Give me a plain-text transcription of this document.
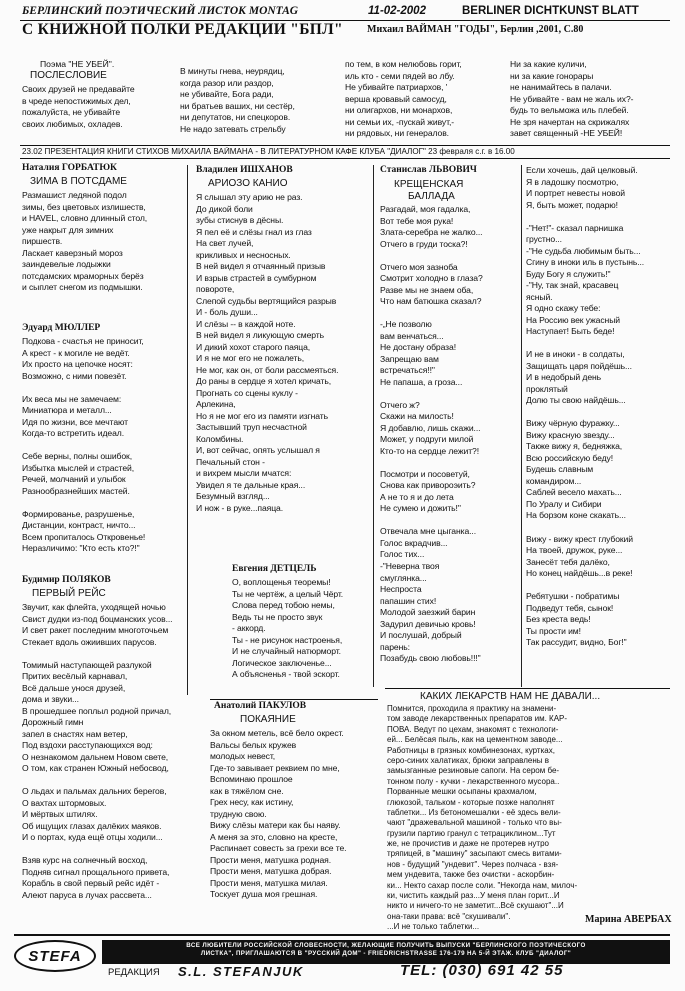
БЕРЛИНСКИЙ ПОЭТИЧЕСКИЙ ЛИСТОК MONTAG	11-02-2002	BERLINER DICHTKUNST BLATT
С КНИЖНОЙ ПОЛКИ РЕДАКЦИИ "БПЛ" Михаил ВАЙМАН "ГОДЫ", Берлин ,2001, С.80
Поэма "НЕ УБЕЙ".
ПОСЛЕСЛОВИЕ
Своих друзей не предавайте
в чреде непостижимых дел,
пожалуйста, не убивайте
своих любимых, охладев.
В минуты гнева, неурядиц,
когда разор или раздор,
не убивайте, Бога ради,
ни братьев ваших, ни сестёр,
ни депутатов, ни спецкоров.
Не надо затевать стрельбу
по тем, в ком нелюбовь горит,
иль кто - семи пядей во лбу.
Не убивайте патриархов, '
верша кровавый самосуд,
ни олигархов, ни монархов,
ни семьи их, -пускай живут,-
ни рядовых, ни генералов.
Ни за какие куличи,
ни за какие гонорары
не нанимайтесь в палачи.
Не убивайте - вам не жаль их?-
будь то вельможа иль плебей.
Не зря начертан на скрижалях
завет священный -НЕ УБЕЙ!
23.02 ПРЕЗЕНТАЦИЯ КНИГИ СТИХОВ МИХАИЛА ВАЙМАНА - В ЛИТЕРАТУРНОМ КАФЕ КЛУБА "ДИАЛОГ" 23 февраля с.г. в 16.00
Наталия ГОРБАТЮК
ЗИМА В ПОТСДАМЕ
Размашист ледяной подол
зимы, без цветовых излишеств,
и HAVEL, словно длинный стол,
уже накрыт для зимних
пиршеств.
Ласкает каверзный мороз
заиндевелые лодыжки
потсдамских мраморных берёз
и сыплет снегом из подмышки.
Эдуард МЮЛЛЕР
Подкова - счастья не приносит,
А крест - к могиле не ведёт.
Их просто на цепочке носят:
Возможно, с ними повезёт.

Их веса мы не замечаем:
Миниатюра и металл...
Идя по жизни, все мечтают
Когда-то встретить идеал.

Себе верны, полны ошибок,
Избытка мыслей и страстей,
Речей, молчаний и улыбок
Разнообразнейших мастей.

Формированье, разрушенье,
Дистанции, контраст, ничто...
Всем пропиталось Откровенье!
Неразличимо: "Кто есть кто?!"
Будимир ПОЛЯКОВ
ПЕРВЫЙ РЕЙС
Звучит, как флейта, уходящей ночью
Свист дудки из-под боцманских усов...
И свет ракет последним многоточьем
Стекает вдоль ожиивших парусов.

Томимый наступающей разлукой
Притих весёлый карнавал,
Всё дальше унося друзей,
дома и звуки...
В прошедшее поплыл родной причал,
Дорожный гимн
запел в снастях нам ветер,
Под вздохи расступающихся вод:
О незнакомом дальнем Новом свете,
О том, как странен Южный небосвод,

О льдах и пальмах дальних берегов,
О вахтах штормовых.
И мёртвых штилях.
Об ищущих глазах далёких маяков.
И о портах, куда ещё отцы ходили...

Взяв курс на солнечный восход,
Подняв сигнал прощального привета,
Корабль в свой первый рейс идёт -
Алеют паруса в лучах рассвета...
Владилен ИШХАНОВ
АРИОЗО КАНИО
Я слышал эту арию не раз.
До дикой боли
зубы стиснув в дёсны.
Я пел её и слёзы гнал из глаз
На свет лучей,
крикливых и несносных.
В ней видел я отчаянный призыв
И взрыв страстей в сумбурном
повороте,
Слепой судьбы вертящийся разрыв
И - боль души...
И слёзы -- в каждой ноте.
В ней видел я ликующую смерть
И дикий хохот старого паяца,
И я не мог его не пожалеть,
Не мог, как он, от боли рассмеяться.
До раны в сердце я хотел кричать,
Прогнать со сцены куклу -
Арлекина,
Но я не мог его из памяти изгнать
Застывший труп несчастной
Коломбины.
И, вот сейчас, опять услышал я
Печальный стон -
и вихрем мысли мчатся:
Увидел я те дальные края...
Безумный взгляд...
И нож - в руке...паяца.
Евгения ДЕТЦЕЛЬ
О, воплощенья теоремы!
Ты не чертёж, а целый Чёрт.
Слова перед тобою немы,
Ведь ты не просто звук
- аккорд.
Ты - не рисунок настроенья,
И не случайный натюрморт.
Логическое заключенье...
А объясненья - твой эскорт.
Анатолий ПАКУЛОВ
ПОКАЯНИЕ
За окном метель, всё бело окрест.
Вальсы белых кружев
молодых невест,
Где-то завывает реквием по мне,
Вспоминаю прошлое
как в тяжёлом сне.
Грех несу, как истину,
трудную свою.
Вижу слёзы матери как бы наяву.
А меня за это, словно на кресте,
Распинает совесть за грехи все те.
Прости меня, матушка родная.
Прости меня, матушка добрая.
Прости меня, матушка милая.
Тоскует душа моя грешная.
Станислав ЛЬВОВИЧ
КРЕЩЕНСКАЯ
БАЛЛАДА
Разгадай, моя гадалка,
Вот тебе моя рука!
Злата-серебра не жалко...
Отчего в груди тоска?!

Отчего моя зазноба
Смотрит холодно в глаза?
Разве мы не знаем оба,
Что нам батюшка сказал?

-„Не позволю
вам венчаться...
Не достану образа!
Запрещаю вам
встречаться!!"
Не папаша, а гроза...

Отчего ж?
Скажи на милость!
Я добавлю, лишь скажи...
Может, у подруги милой
Кто-то на сердце лежит?!

Посмотри и посоветуй,
Снова как привороэить?
А не то я и до лета
Не сумею и дожить!"

Отвечала мне цыганка...
Голос вкрадчив...
Голос тих...
-"Неверна твоя
смуглянка...
Неспроста
папашин стих!
Молодой заезжий барин
Задурил девичью кровь!
И послушай, добрый
парень:
Позабудь свою любовь!!!"
Если хочешь, дай целковый.
Я в ладошку посмотрю,
И портрет невесты новой
Я, быть может, подарю!

-"Нет!"- сказал парнишка
грустно...
-"Не судьба любимым быть...
Сгину в иноки иль в пустынь...
Буду Богу я служить!"
-"Ну, так знай, красавец
ясный.
Я одно скажу тебе:
На Россию век ужасный
Наступает! Быть беде!

И не в иноки - в солдаты,
Защищать царя пойдёшь...
И в недобрый день
проклятый
Долю ты свою найдёшь...

Вижу чёрную фуражку...
Вижу красную звезду...
Также вижу я, бедняжка,
Всю российскую беду!
Будешь славным
командиром...
Саблей весело махать...
По Уралу и Сибири
На борзом коне скакать...

Вижу - вижу крест глубокий
На твоей, дружок, руке...
Занесёт тебя далёко,
Но конец найдёшь...в реке!

Ребятушки - побратимы
Подведут тебя, сынок!
Без креста ведь!
Ты прости им!
Так рассудит, видно, Бог!"
КАКИХ ЛЕКАРСТВ НАМ НЕ ДАВАЛИ...
Помнится, проходила я практику на знамени-
том заводе лекарственных препаратов им. КАР-
ПОВА. Ведут по цехам, знакомят с технологи-
ей... Белёсая пыль, как на цементном заводе...
Работницы в грязных комбинезонах, куртках,
серо-синих халатиках, брюки заправлены в
замызганные резиновые сапоги. На сером бе-
тонном полу - кучки - лекарственного мусора..
Порванные мешки осыпаны крахмалом,
глюкозой, тальком - которые позже наполнят
таблетки... Из бетономешалки - её здесь вели-
чают "дражевальной машиной - только что вы-
грузили партию гранул с тетрациклином...Тут
же, не прочистив и даже не протерев нутро
тряпицей, в "машину" засыпают смесь витами-
нов - будущий "ундевит". Через полчаса - взя-
мем ундевита, также без очистки - аскорбин-
ки... Некто сахар после соли. "Некогда нам, милоч-
ки, чистить каждый раз...У меня план горит...И
никто и ничего-то не заметит...Всё скушают"...И
она-таки права: всё "скушивали".
...И не только таблетки...
Марина АВЕРБАХ
STEFA
ВСЕ ЛЮБИТЕЛИ РОССИЙСКОЙ СЛОВЕСНОСТИ, ЖЕЛАЮЩИЕ ПОЛУЧИТЬ ВЫПУСКИ "БЕРЛИНСКОГО ПОЭТИЧЕСКОГО
ЛИСТКА", ПРИГЛАШАЮТСЯ В "РУССКИЙ ДОМ" - FRIEDRICHSTRASSE 176-179 НА 5-Й ЭТАЖ. КЛУБ "ДИАЛОГ"
РЕДАКЦИЯ S.L. STEFANJUK	TEL: (030) 691 42 55
